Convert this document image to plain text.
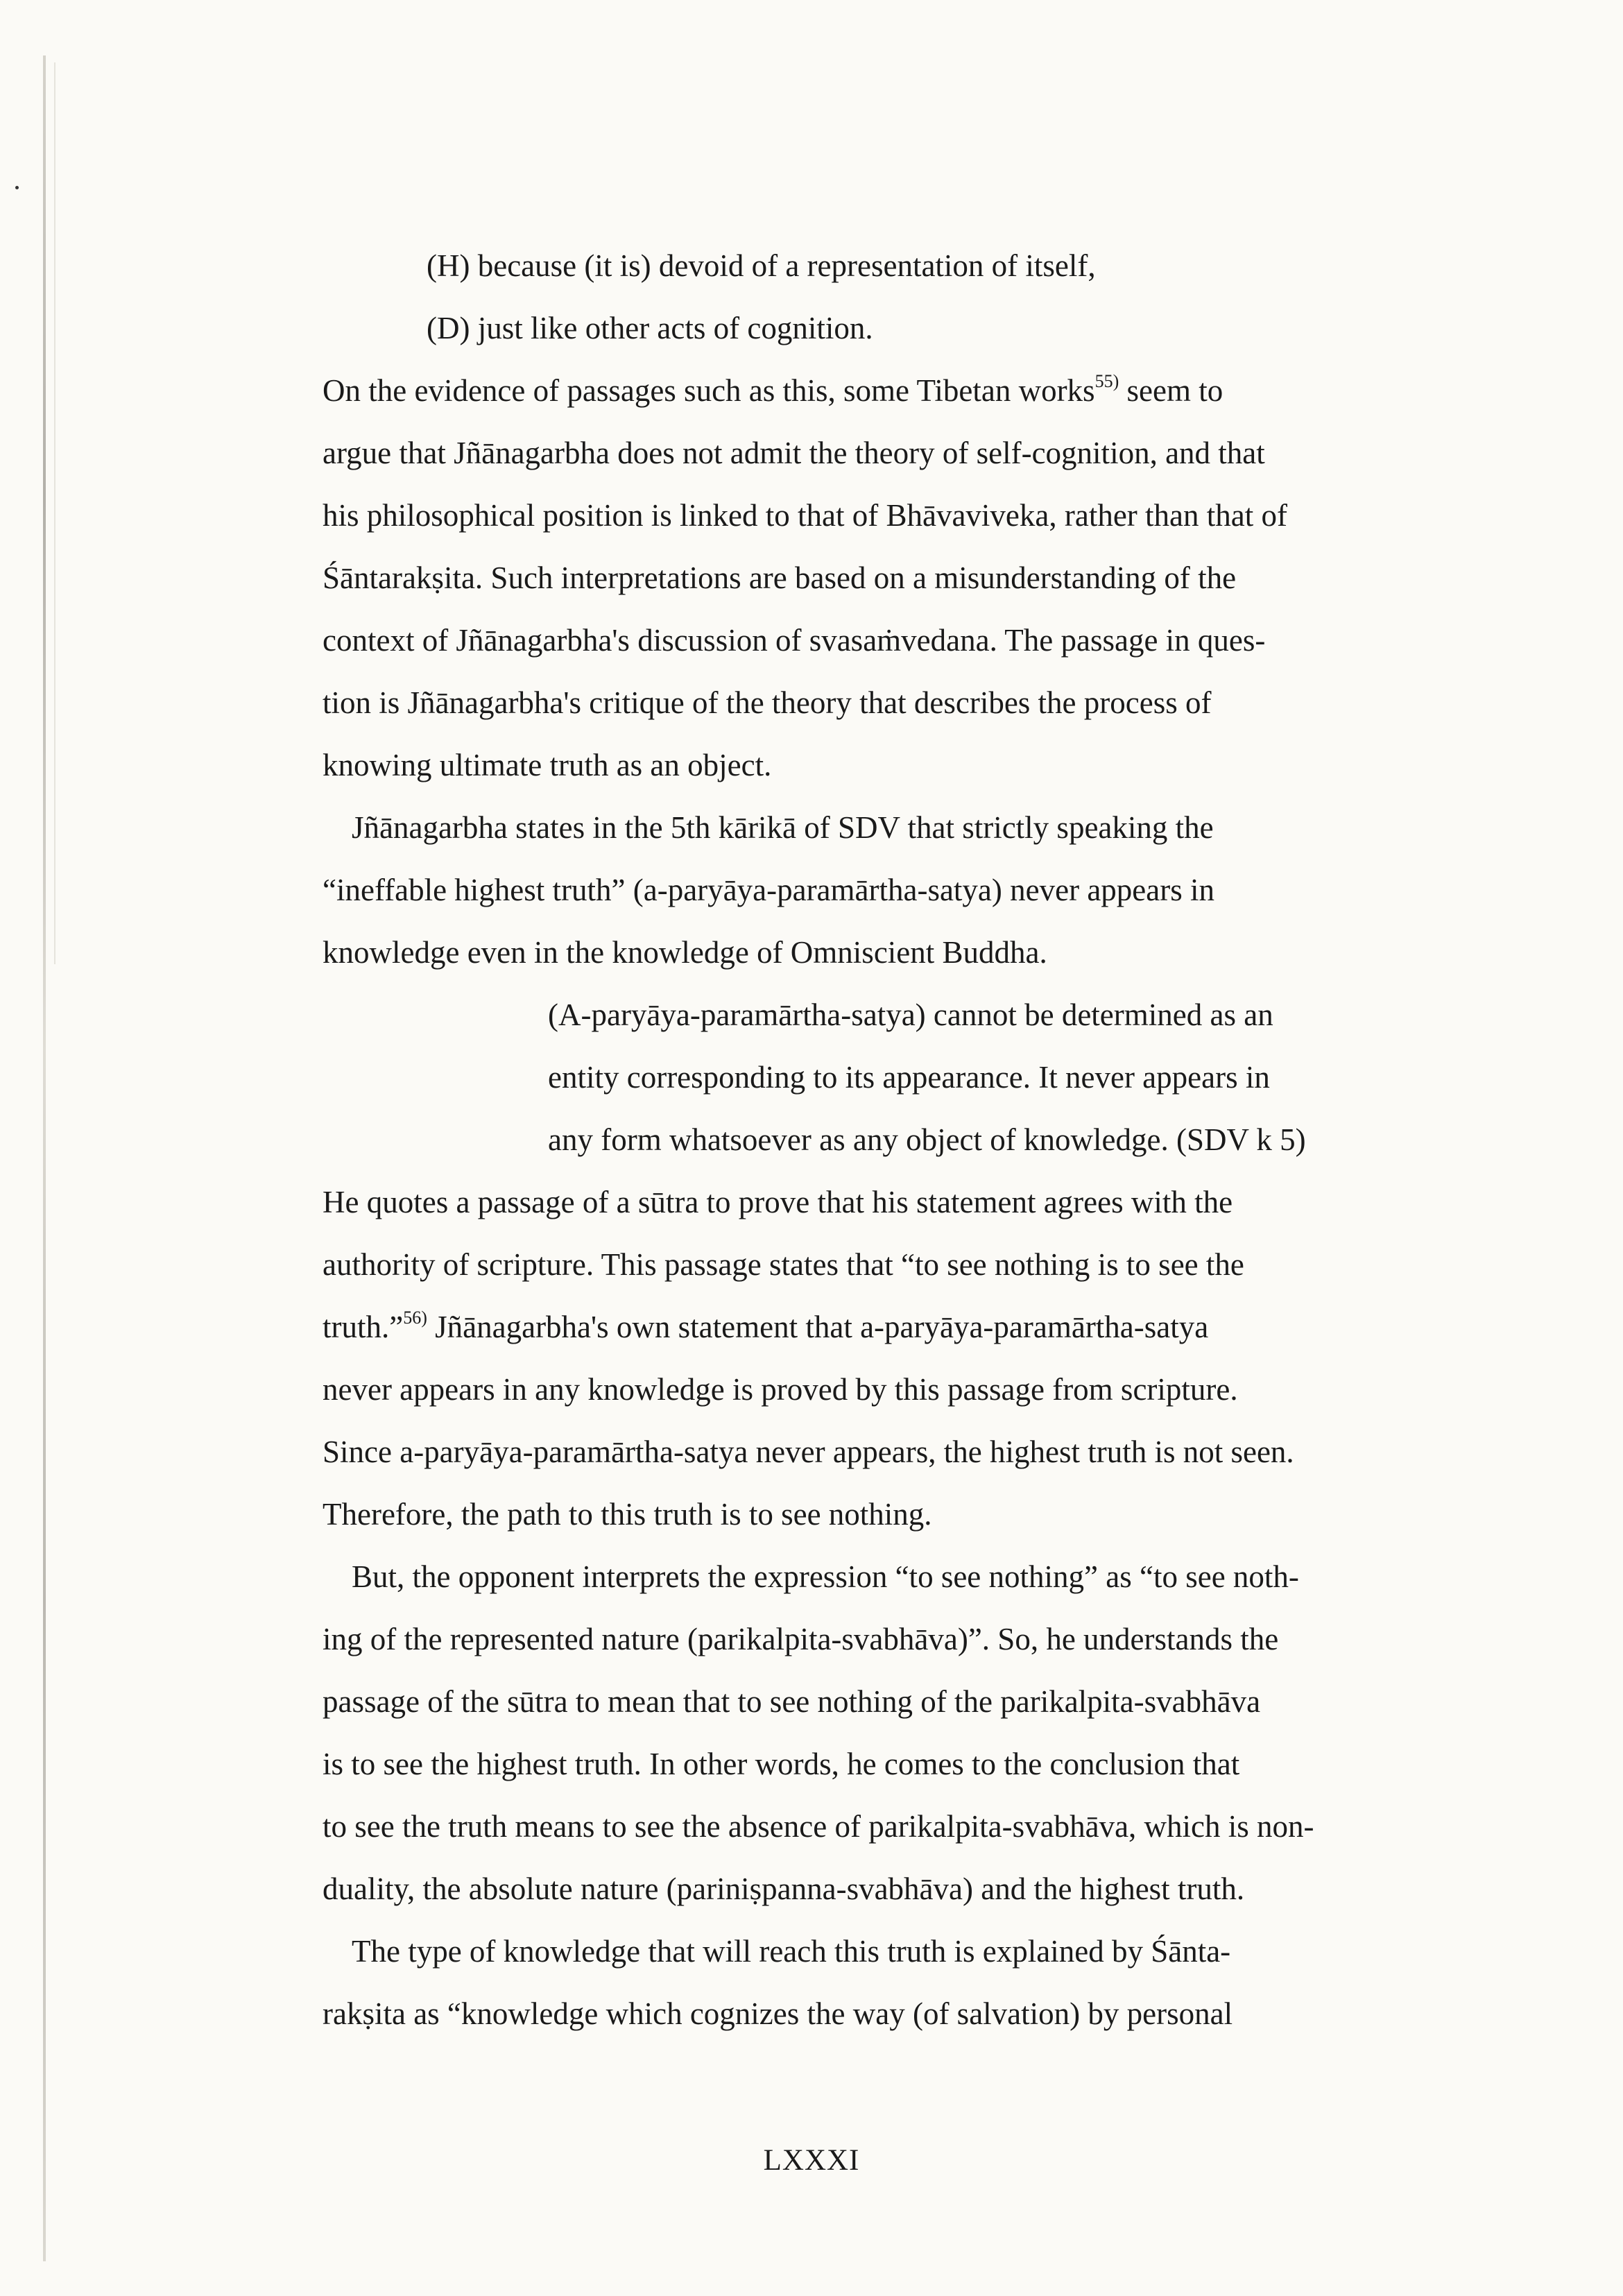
(H) because (it is) devoid of a representation of itself,
(D) just like other acts of cognition.
On the evidence of passages such as this, some Tibetan works$^{55)}$ seem to
argue that Jñānagarbha does not admit the theory of self-cognition, and that
his philosophical position is linked to that of Bhāvaviveka, rather than that of
Śāntarakṣita. Such interpretations are based on a misunderstanding of the
context of Jñānagarbha's discussion of svasaṁvedana. The passage in ques-
tion is Jñānagarbha's critique of the theory that describes the process of
knowing ultimate truth as an object.
Jñānagarbha states in the 5th kārikā of SDV that strictly speaking the
“ineffable highest truth” (a-paryāya-paramārtha-satya) never appears in
knowledge even in the knowledge of Omniscient Buddha.
(A-paryāya-paramārtha-satya) cannot be determined as an
entity corresponding to its appearance. It never appears in
any form whatsoever as any object of knowledge. (SDV k 5)
He quotes a passage of a sūtra to prove that his statement agrees with the
authority of scripture. This passage states that “to see nothing is to see the
truth.”$^{56)}$ Jñānagarbha's own statement that a-paryāya-paramārtha-satya
never appears in any knowledge is proved by this passage from scripture.
Since a-paryāya-paramārtha-satya never appears, the highest truth is not seen.
Therefore, the path to this truth is to see nothing.
But, the opponent interprets the expression “to see nothing” as “to see noth-
ing of the represented nature (parikalpita-svabhāva)”. So, he understands the
passage of the sūtra to mean that to see nothing of the parikalpita-svabhāva
is to see the highest truth. In other words, he comes to the conclusion that
to see the truth means to see the absence of parikalpita-svabhāva, which is non-
duality, the absolute nature (pariniṣpanna-svabhāva) and the highest truth.
The type of knowledge that will reach this truth is explained by Śānta-
rakṣita as “knowledge which cognizes the way (of salvation) by personal
LXXXI
